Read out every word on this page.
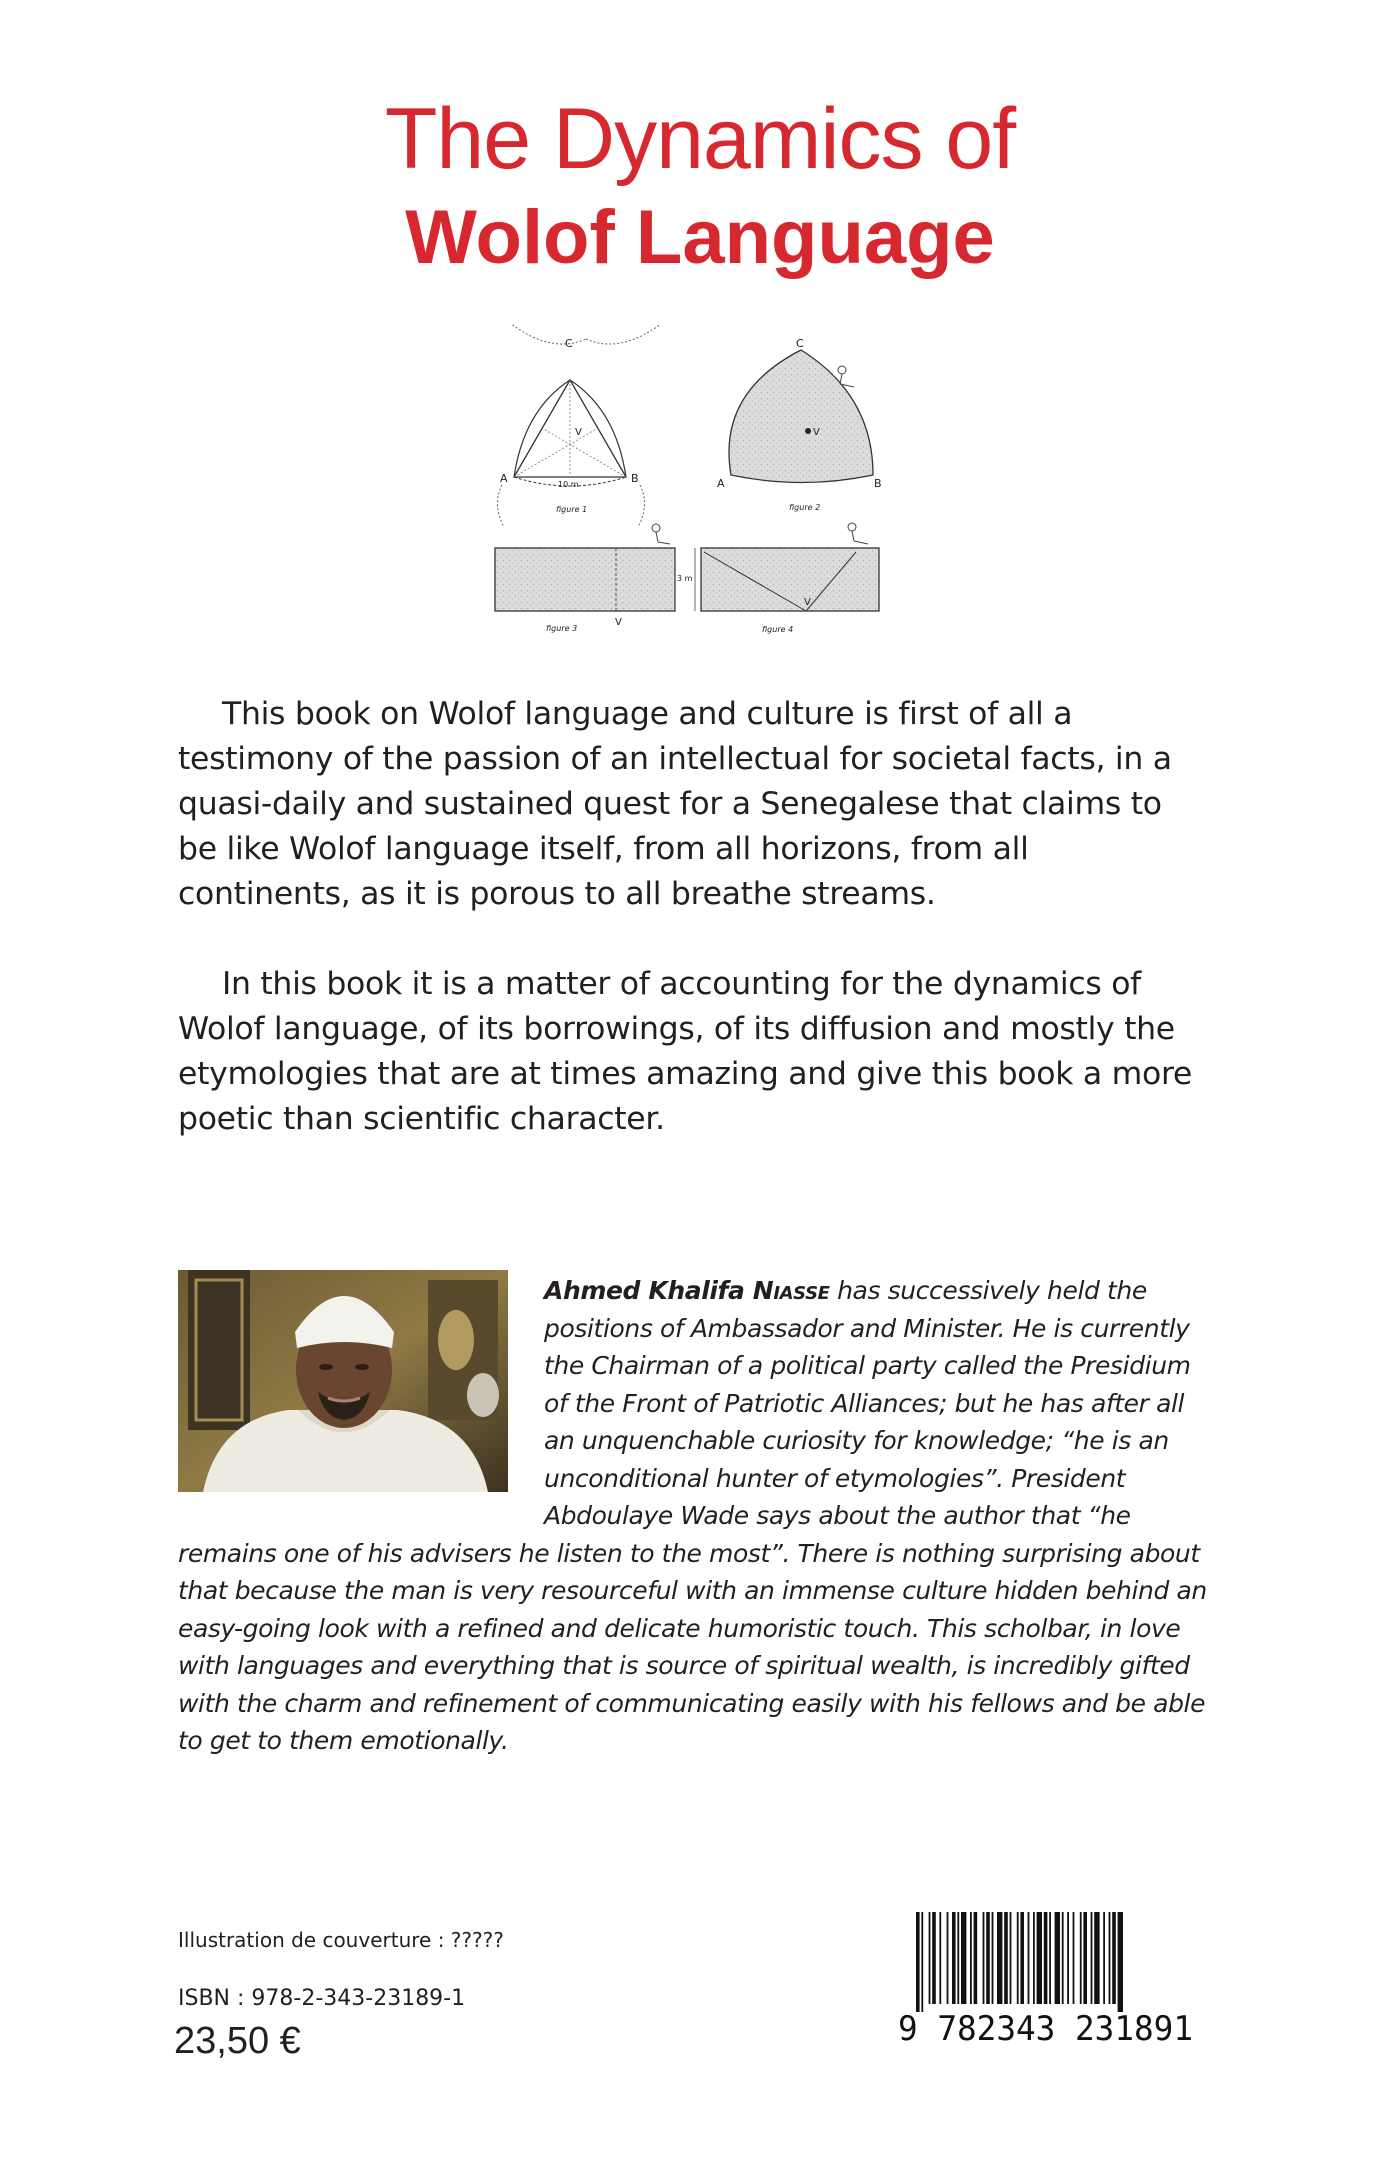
The Dynamics of
Wolof Language
C
A	B
V
10 m
figure 1
C
A	B
V
figure 2
V
3 m
figure 3
V
figure 4

This book on Wolof language and culture is first of all a testimony of the passion of an intellectual for societal facts, in a quasi-daily and sustained quest for a Senegalese that claims to be like Wolof language itself, from all horizons, from all continents, as it is porous to all breathe streams.

In this book it is a matter of accounting for the dynamics of Wolof language, of its borrowings, of its diffusion and mostly the etymologies that are at times amazing and give this book a more poetic than scientific character.

Ahmed Khalifa Niasse has successively held the positions of Ambassador and Minister. He is currently the Chairman of a political party called the Presidium of the Front of Patriotic Alliances; but he has after all an unquenchable curiosity for knowledge; “he is an unconditional hunter of etymologies”. President Abdoulaye Wade says about the author that “he remains one of his advisers he listen to the most”. There is nothing surprising about that because the man is very resourceful with an immense culture hidden behind an easy-going look with a refined and delicate humoristic touch. This scholbar, in love with languages and everything that is source of spiritual wealth, is incredibly gifted with the charm and refinement of communicating easily with his fellows and be able to get to them emotionally.

Illustration de couverture : ?????
ISBN : 978-2-343-23189-1
23,50 €	9 782343 231891
